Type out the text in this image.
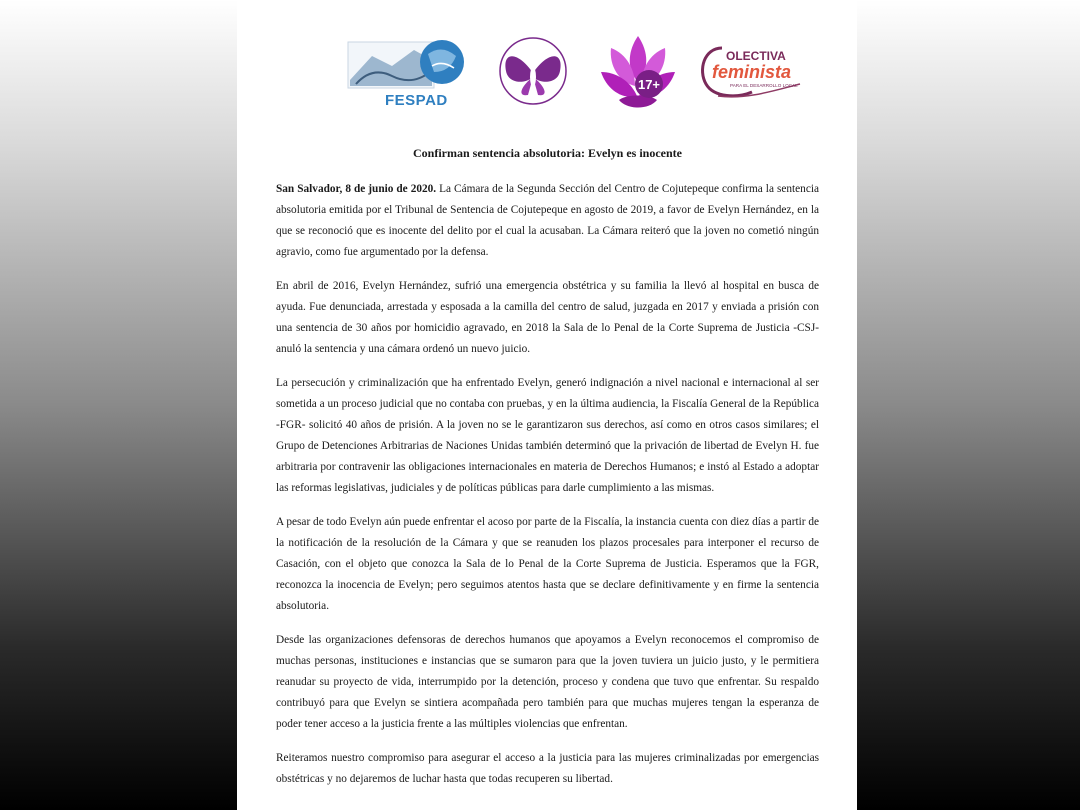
FESPAD
17+
OLECTIVA
feminista
PARA EL DESARROLLO LOCAL
Confirman sentencia absolutoria: Evelyn es inocente

San Salvador, 8 de junio de 2020. La Cámara de la Segunda Sección del Centro de Cojutepeque confirma la sentencia absolutoria emitida por el Tribunal de Sentencia de Cojutepeque en agosto de 2019, a favor de Evelyn Hernández, en la que se reconoció que es inocente del delito por el cual la acusaban. La Cámara reiteró que la joven no cometió ningún agravio, como fue argumentado por la defensa.

En abril de 2016, Evelyn Hernández, sufrió una emergencia obstétrica y su familia la llevó al hospital en busca de ayuda. Fue denunciada, arrestada y esposada a la camilla del centro de salud, juzgada en 2017 y enviada a prisión con una sentencia de 30 años por homicidio agravado, en 2018 la Sala de lo Penal de la Corte Suprema de Justicia -CSJ- anuló la sentencia y una cámara ordenó un nuevo juicio.

La persecución y criminalización que ha enfrentado Evelyn, generó indignación a nivel nacional e internacional al ser sometida a un proceso judicial que no contaba con pruebas, y en la última audiencia, la Fiscalía General de la República -FGR- solicitó 40 años de prisión. A la joven no se le garantizaron sus derechos, así como en otros casos similares; el Grupo de Detenciones Arbitrarias de Naciones Unidas también determinó que la privación de libertad de Evelyn H. fue arbitraria por contravenir las obligaciones internacionales en materia de Derechos Humanos; e instó al Estado a adoptar las reformas legislativas, judiciales y de políticas públicas para darle cumplimiento a las mismas.

A pesar de todo Evelyn aún puede enfrentar el acoso por parte de la Fiscalía, la instancia cuenta con diez días a partir de la notificación de la resolución de la Cámara y que se reanuden los plazos procesales para interponer el recurso de Casación, con el objeto que conozca la Sala de lo Penal de la Corte Suprema de Justicia. Esperamos que la FGR, reconozca la inocencia de Evelyn; pero seguimos atentos hasta que se declare definitivamente y en firme la sentencia absolutoria.

Desde las organizaciones defensoras de derechos humanos que apoyamos a Evelyn reconocemos el compromiso de muchas personas, instituciones e instancias que se sumaron para que la joven tuviera un juicio justo, y le permitiera reanudar su proyecto de vida, interrumpido por la detención, proceso y condena que tuvo que enfrentar. Su respaldo contribuyó para que Evelyn se sintiera acompañada pero también para que muchas mujeres tengan la esperanza de poder tener acceso a la justicia frente a las múltiples violencias que enfrentan.

Reiteramos nuestro compromiso para asegurar el acceso a la justicia para las mujeres criminalizadas por emergencias obstétricas y no dejaremos de luchar hasta que todas recuperen su libertad.
